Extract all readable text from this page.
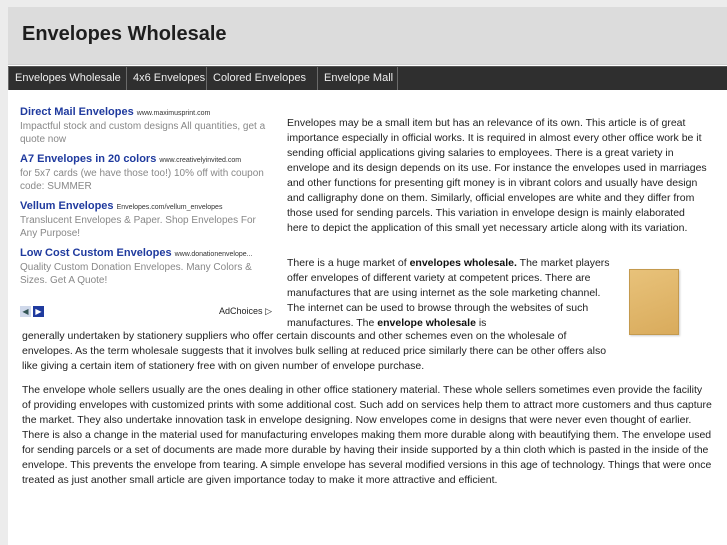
Envelopes Wholesale
Envelopes Wholesale	4x6 Envelopes Colored Envelopes	Envelope Mall
Direct Mail Envelopes www.maximusprint.com
Impactful stock and custom designs All quantities, get a quote now
A7 Envelopes in 20 colors www.creativelyinvited.com
for 5x7 cards (we have those too!) 10% off with coupon code: SUMMER
Vellum Envelopes Envelopes.com/vellum_envelopes
Translucent Envelopes & Paper. Shop Envelopes For Any Purpose!
Low Cost Custom Envelopes www.donationenvelope...
Quality Custom Donation Envelopes. Many Colors & Sizes. Get A Quote!
◀ ▶	AdChoices ▷
Envelopes may be a small item but has an relevance of its own. This article is of great importance especially in official works. It is required in almost every other office work be it sending official applications giving salaries to employees. There is a great variety in envelope and its design depends on its use. For instance the envelopes used in marriages and other functions for presenting gift money is in vibrant colors and usually have design and calligraphy done on them. Similarly, official envelopes are white and they differ from those used for sending parcels. This variation in envelope design is mainly elaborated here to depict the application of this small yet necessary article along with its variation.
There is a huge market of envelopes wholesale. The market players offer envelopes of different variety at competent prices. There are manufactures that are using internet as the sole marketing channel. The internet can be used to browse through the websites of such manufactures. The envelope wholesale is
generally undertaken by stationery suppliers who offer certain discounts and other schemes even on the wholesale of envelopes. As the term wholesale suggests that it involves bulk selling at reduced price similarly there can be other offers also like giving a certain item of stationery free with on given number of envelope purchase.
The envelope whole sellers usually are the ones dealing in other office stationery material. These whole sellers sometimes even provide the facility of providing envelopes with customized prints with some additional cost. Such add on services help them to attract more customers and thus capture the market. They also undertake innovation task in envelope designing. Now envelopes come in designs that were never even thought of earlier. There is also a change in the material used for manufacturing envelopes making them more durable along with beautifying them. The envelope used for sending parcels or a set of documents are made more durable by having their inside supported by a thin cloth which is pasted in the inside of the envelope. This prevents the envelope from tearing. A simple envelope has several modified versions in this age of technology. Things that were once treated as just another small article are given importance today to make it more attractive and efficient.
